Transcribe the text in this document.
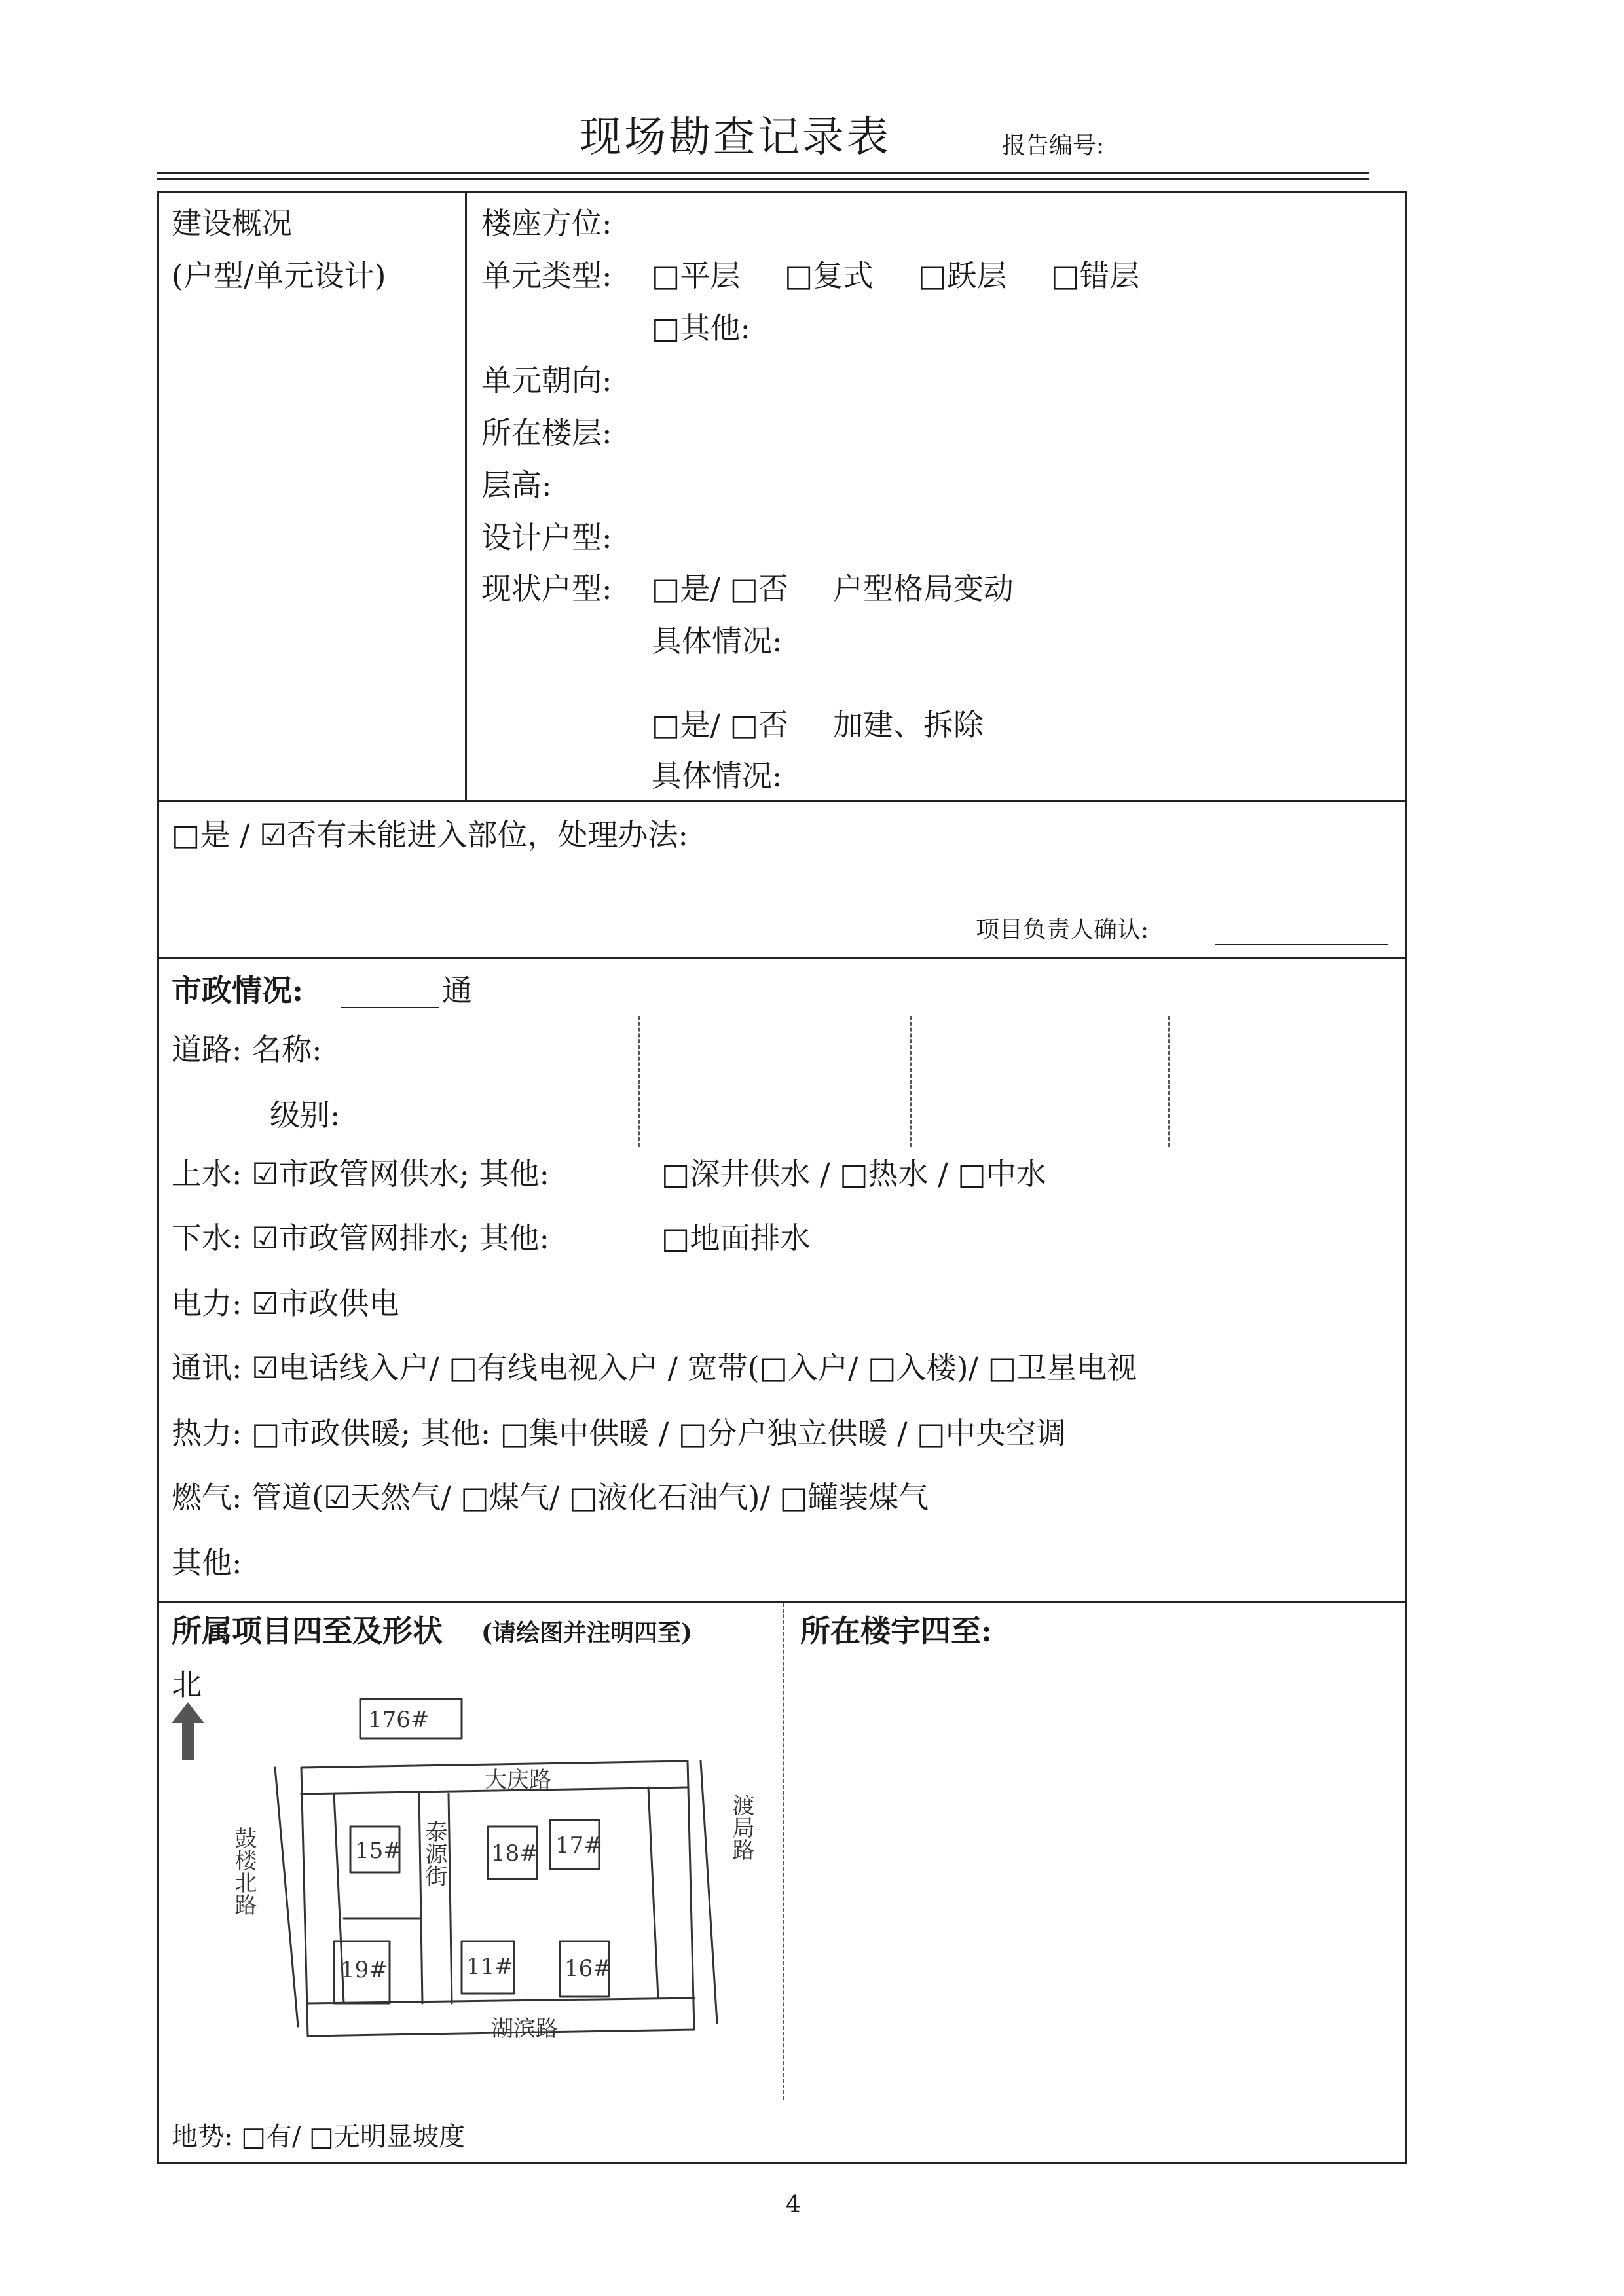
现场勘查记录表	报告编号:
建设概况
(户型/单元设计)
楼座方位:
单元类型: □平层 □复式 □跃层 □错层
□其他:
单元朝向:
所在楼层:
层高:
设计户型:
现状户型: □是/ □否 户型格局变动
具体情况:
□是/ □否 加建、拆除
具体情况:
□是 / ☑否有未能进入部位，处理办法:
项目负责人确认:
市政情况:	通
道路: 名称:
级别:
上水: ☑市政管网供水; 其他:	□深井供水 / □热水 / □中水
下水: ☑市政管网排水; 其他:	□地面排水
电力: ☑市政供电
通讯: ☑电话线入户/ □有线电视入户 / 宽带(□入户/ □入楼)/ □卫星电视
热力: □市政供暖; 其他: □集中供暖 / □分户独立供暖 / □中央空调
燃气: 管道(☑天然气/ □煤气/ □液化石油气)/ □罐装煤气
其他:
所属项目四至及形状 (请绘图并注明四至)	所在楼宇四至:
北
176#
大庆路
湖滨路
15#	18# 17#
19#	11# 16#
鼓楼北路	泰源街	渡局路
地势: □有/ □无明显坡度
4
